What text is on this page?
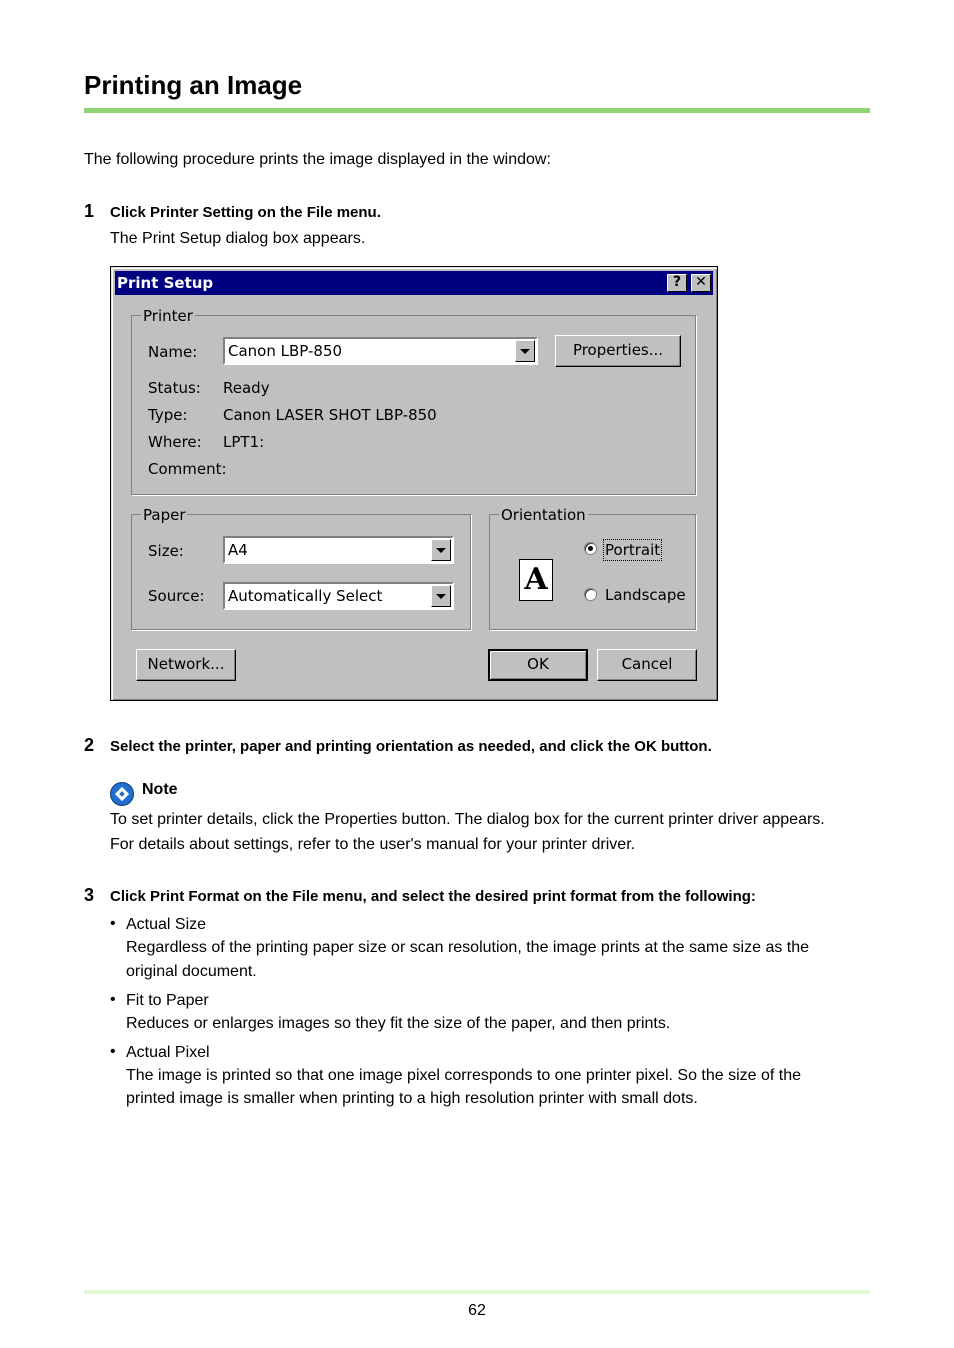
Printing an Image
The following procedure prints the image displayed in the window:
1 Click Printer Setting on the File menu.
The Print Setup dialog box appears.
Print Setup	?	✕
Printer
Name: Canon LBP-850	Properties...
Status: Ready
Type: Canon LASER SHOT LBP-850
Where: LPT1:
Comment:
Paper
Size:	A4
Source: Automatically Select
Orientation
A
Portrait
Landscape
Network...	OK	Cancel
2 Select the printer, paper and printing orientation as needed, and click the OK button.
Note
To set printer details, click the Properties button. The dialog box for the current printer driver appears.
For details about settings, refer to the user's manual for your printer driver.
3 Click Print Format on the File menu, and select the desired print format from the following:
• Actual Size
Regardless of the printing paper size or scan resolution, the image prints at the same size as the
original document.
• Fit to Paper
Reduces or enlarges images so they fit the size of the paper, and then prints.
• Actual Pixel
The image is printed so that one image pixel corresponds to one printer pixel. So the size of the
printed image is smaller when printing to a high resolution printer with small dots.
62
